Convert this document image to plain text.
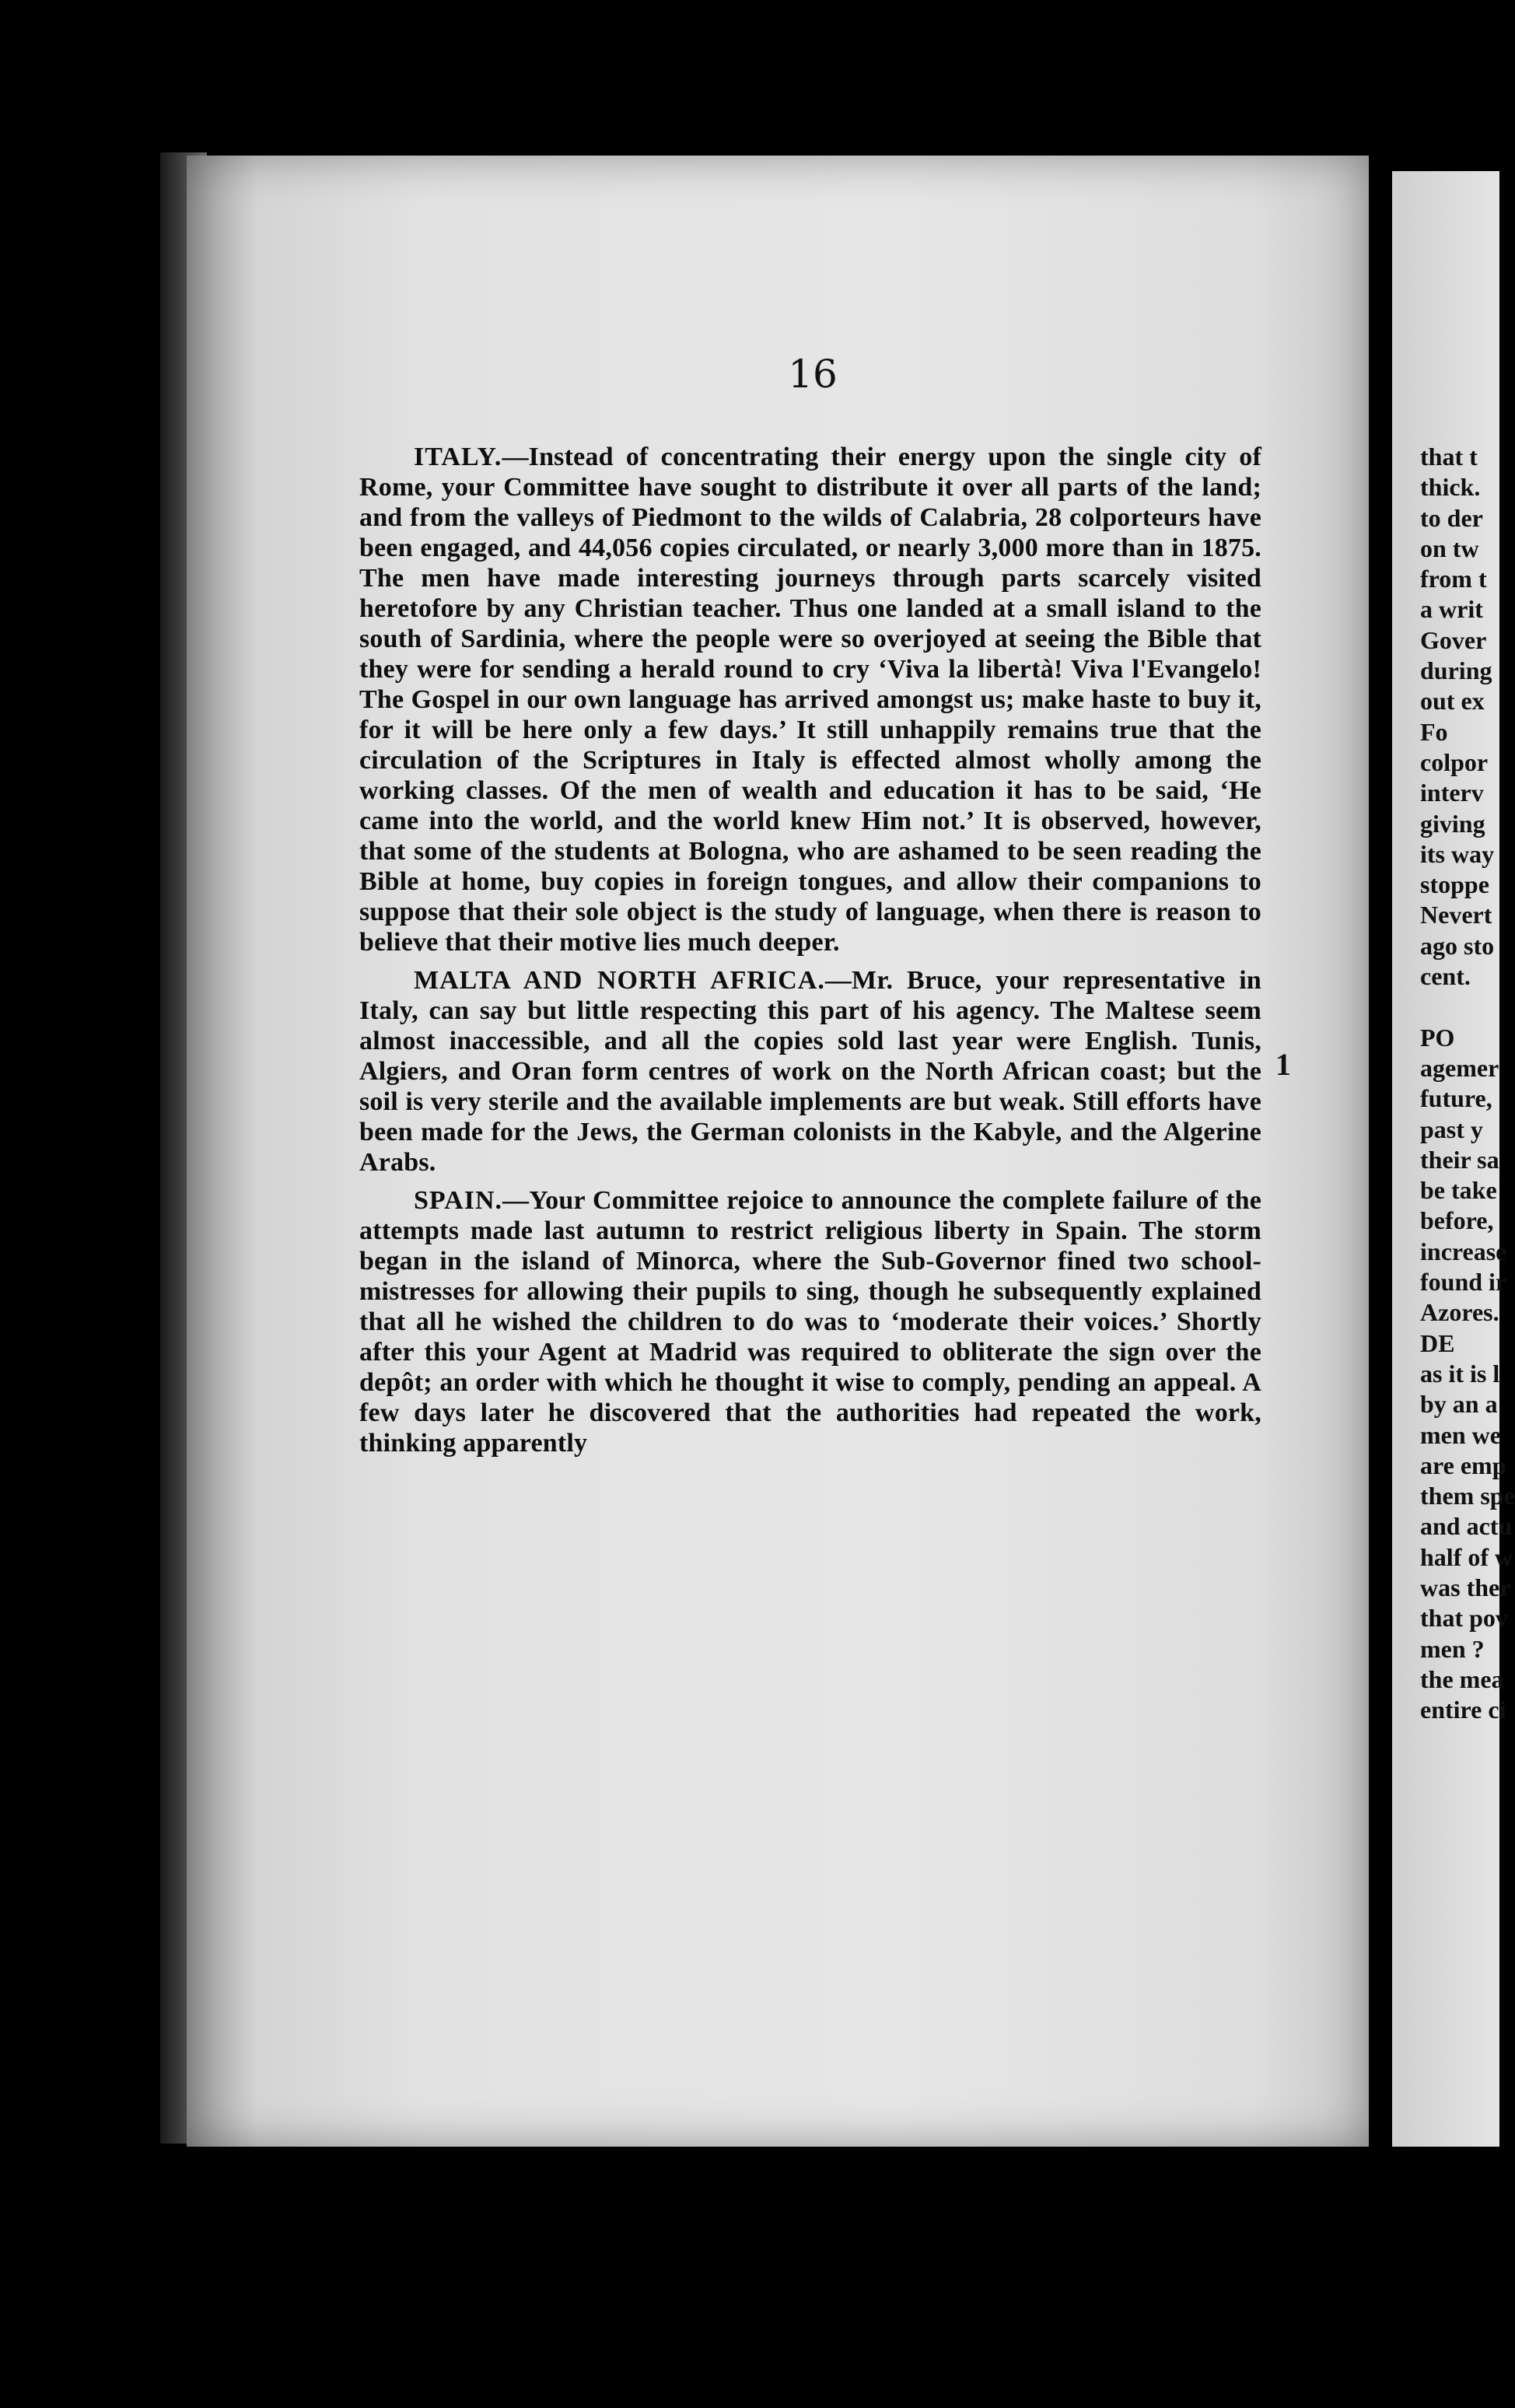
16

ITALY.—Instead of concentrating their energy upon the single city of Rome, your Committee have sought to distribute it over all parts of the land; and from the valleys of Piedmont to the wilds of Calabria, 28 colporteurs have been engaged, and 44,056 copies circulated, or nearly 3,000 more than in 1875. The men have made interesting journeys through parts scarcely visited heretofore by any Christian teacher. Thus one landed at a small island to the south of Sardinia, where the people were so overjoyed at seeing the Bible that they were for sending a herald round to cry ‘Viva la libertà! Viva l'Evangelo! The Gospel in our own language has arrived amongst us; make haste to buy it, for it will be here only a few days.’ It still unhappily remains true that the circulation of the Scriptures in Italy is effected almost wholly among the working classes. Of the men of wealth and education it has to be said, ‘He came into the world, and the world knew Him not.’ It is observed, however, that some of the students at Bologna, who are ashamed to be seen reading the Bible at home, buy copies in foreign tongues, and allow their companions to suppose that their sole object is the study of language, when there is reason to believe that their motive lies much deeper.

MALTA AND NORTH AFRICA.—Mr. Bruce, your representative in Italy, can say but little respecting this part of his agency. The Maltese seem almost inaccessible, and all the copies sold last year were English. Tunis, Algiers, and Oran form centres of work on the North African coast; but the soil is very sterile and the available implements are but weak. Still efforts have been made for the Jews, the German colonists in the Kabyle, and the Algerine Arabs.

SPAIN.—Your Committee rejoice to announce the complete failure of the attempts made last autumn to restrict religious liberty in Spain. The storm began in the island of Minorca, where the Sub-Governor fined two school-mistresses for allowing their pupils to sing, though he subsequently explained that all he wished the children to do was to ‘moderate their voices.’ Shortly after this your Agent at Madrid was required to obliterate the sign over the depôt; an order with which he thought it wise to comply, pending an appeal. A few days later he discovered that the authorities had repeated the work, thinking apparently

1
that t
thick.
to der
on tw
from t
a writ
Gover
during
out ex
Fo
colpor
interv
giving
its way
stoppe
Nevert
ago sto
cent.
PO
agemer
future,
past y
their sa
be take
before,
increase
found ir
Azores.
DE
as it is l
by an a
men we
are emp
them spe
and actu
half of w
was ther
that pov
men ?
the mea
entire ci
